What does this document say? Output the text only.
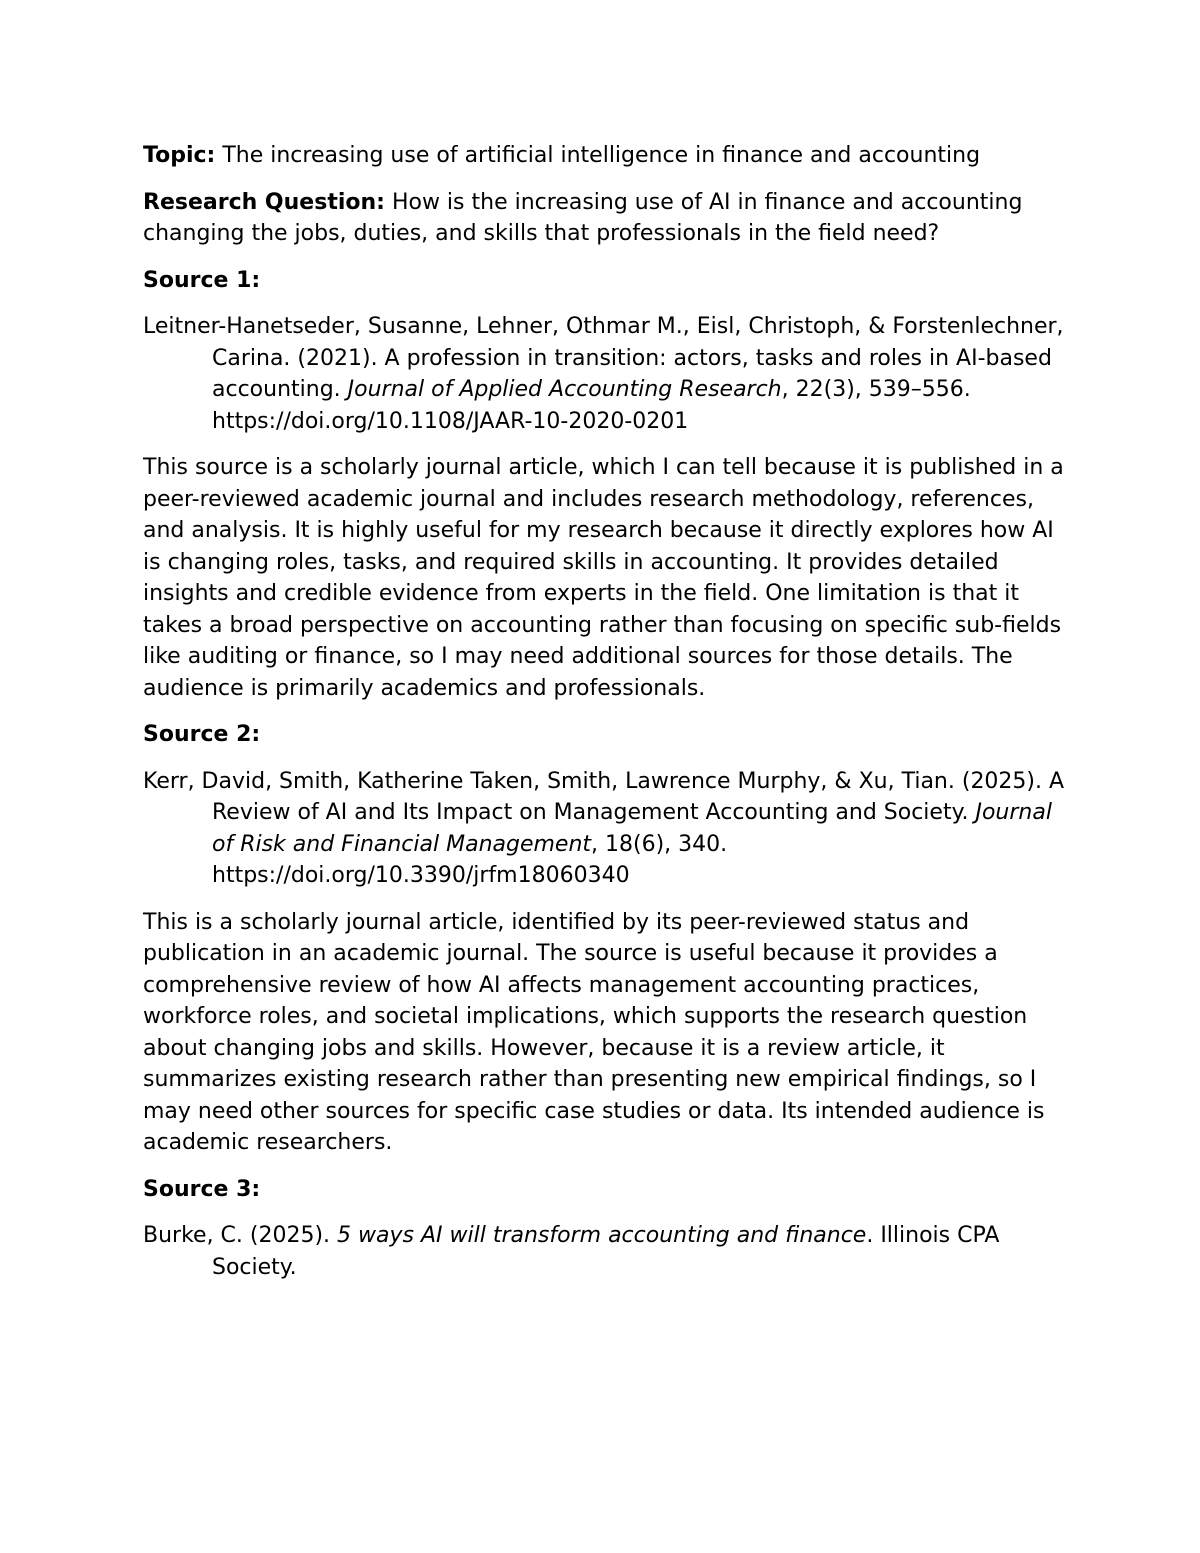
Topic: The increasing use of artificial intelligence in finance and accounting

Research Question: How is the increasing use of AI in finance and accounting changing the jobs, duties, and skills that professionals in the field need?

Source 1:

Leitner-Hanetseder, Susanne, Lehner, Othmar M., Eisl, Christoph, & Forstenlechner, Carina. (2021). A profession in transition: actors, tasks and roles in AI-based accounting. Journal of Applied Accounting Research, 22(3), 539–556. https://doi.org/10.1108/JAAR-10-2020-0201

This source is a scholarly journal article, which I can tell because it is published in a peer-reviewed academic journal and includes research methodology, references, and analysis. It is highly useful for my research because it directly explores how AI is changing roles, tasks, and required skills in accounting. It provides detailed insights and credible evidence from experts in the field. One limitation is that it takes a broad perspective on accounting rather than focusing on specific sub-fields like auditing or finance, so I may need additional sources for those details. The audience is primarily academics and professionals.

Source 2:

Kerr, David, Smith, Katherine Taken, Smith, Lawrence Murphy, & Xu, Tian. (2025). A Review of AI and Its Impact on Management Accounting and Society. Journal of Risk and Financial Management, 18(6), 340. https://doi.org/10.3390/jrfm18060340

This is a scholarly journal article, identified by its peer-reviewed status and publication in an academic journal. The source is useful because it provides a comprehensive review of how AI affects management accounting practices, workforce roles, and societal implications, which supports the research question about changing jobs and skills. However, because it is a review article, it summarizes existing research rather than presenting new empirical findings, so I may need other sources for specific case studies or data. Its intended audience is academic researchers.

Source 3:

Burke, C. (2025). 5 ways AI will transform accounting and finance. Illinois CPA Society.
